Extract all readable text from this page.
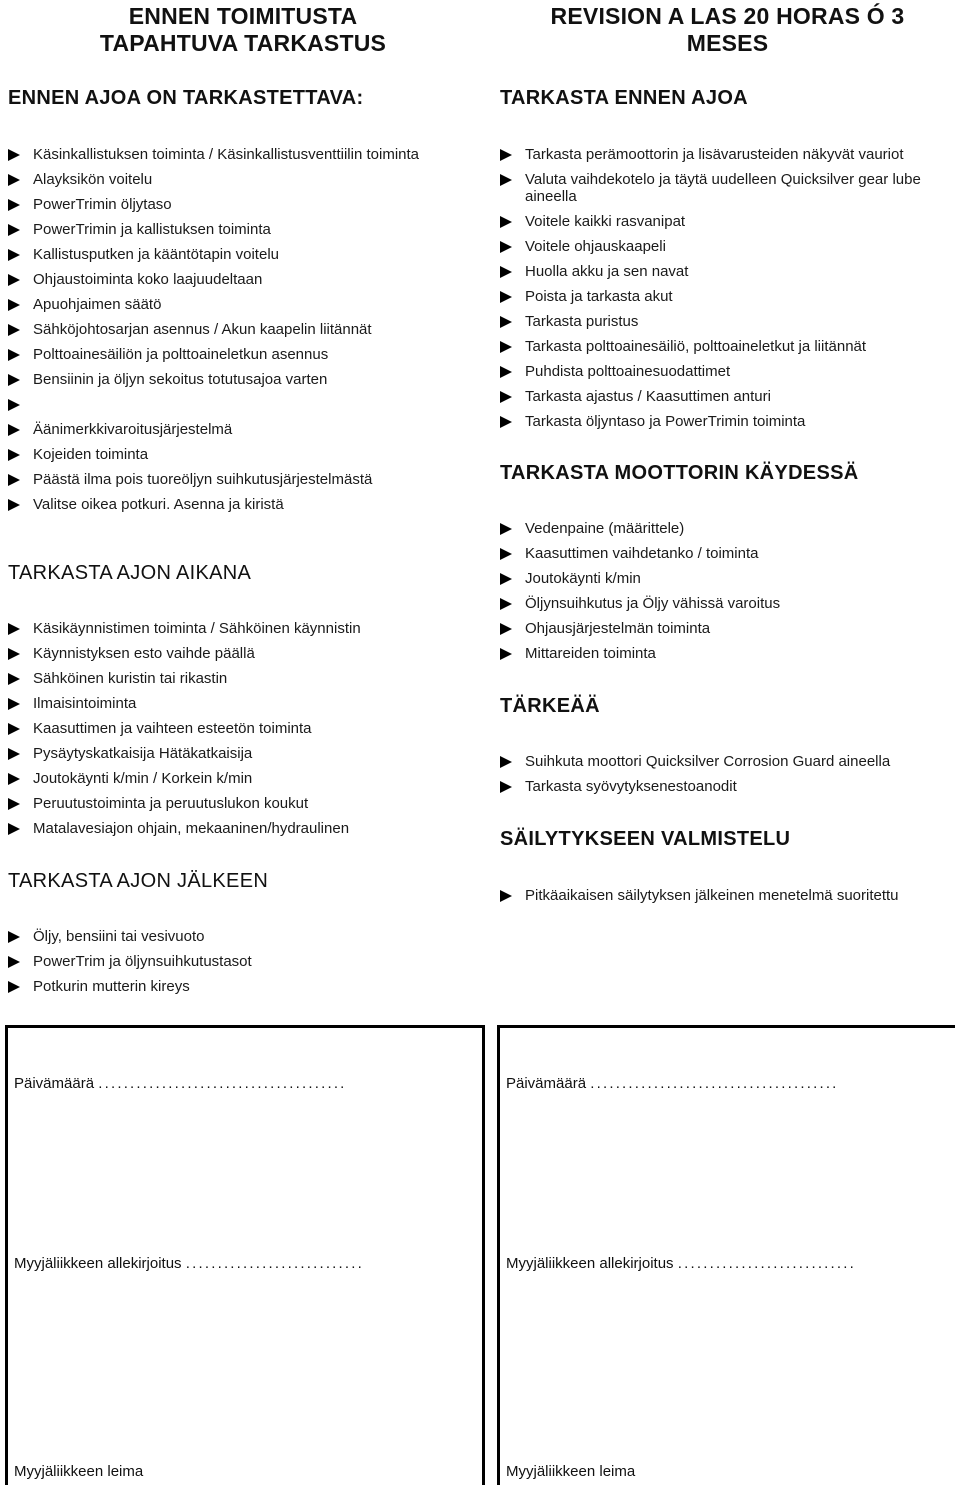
ENNEN TOIMITUSTA
TAPAHTUVA TARKASTUS
ENNEN AJOA ON TARKASTETTAVA:
Käsinkallistuksen toiminta / Käsinkallistusventtiilin toiminta
Alayksikön voitelu
PowerTrimin öljytaso
PowerTrimin ja kallistuksen toiminta
Kallistusputken ja kääntötapin voitelu
Ohjaustoiminta koko laajuudeltaan
Apuohjaimen säätö
Sähköjohtosarjan asennus / Akun kaapelin liitännät
Polttoainesäiliön ja polttoaineletkun asennus
Bensiinin ja öljyn sekoitus totutusajoa varten

Äänimerkkivaroitusjärjestelmä
Kojeiden toiminta
Päästä ilma pois tuoreöljyn suihkutusjärjestelmästä
Valitse oikea potkuri. Asenna ja kiristä
TARKASTA AJON AIKANA
Käsikäynnistimen toiminta / Sähköinen käynnistin
Käynnistyksen esto vaihde päällä
Sähköinen kuristin tai rikastin
Ilmaisintoiminta
Kaasuttimen ja vaihteen esteetön toiminta
Pysäytyskatkaisija Hätäkatkaisija
Joutokäynti k/min / Korkein k/min
Peruutustoiminta ja peruutuslukon koukut
Matalavesiajon ohjain, mekaaninen/hydraulinen
TARKASTA AJON JÄLKEEN
Öljy, bensiini tai vesivuoto
PowerTrim ja öljynsuihkutustasot
Potkurin mutterin kireys
REVISION A LAS 20 HORAS Ó 3
MESES
TARKASTA ENNEN AJOA
Tarkasta perämoottorin ja lisävarusteiden näkyvät vauriot
Valuta vaihdekotelo ja täytä uudelleen Quicksilver gear lube aineella
Voitele kaikki rasvanipat
Voitele ohjauskaapeli
Huolla akku ja sen navat
Poista ja tarkasta akut
Tarkasta puristus
Tarkasta polttoainesäiliö, polttoaineletkut ja liitännät
Puhdista polttoainesuodattimet
Tarkasta ajastus / Kaasuttimen anturi
Tarkasta öljyntaso ja PowerTrimin toiminta
TARKASTA MOOTTORIN KÄYDESSÄ
Vedenpaine (määrittele)
Kaasuttimen vaihdetanko / toiminta
Joutokäynti k/min
Öljynsuihkutus ja Öljy vähissä varoitus
Ohjausjärjestelmän toiminta
Mittareiden toiminta
TÄRKEÄÄ
Suihkuta moottori Quicksilver Corrosion Guard aineella
Tarkasta syövytyksenestoanodit
SÄILYTYKSEEN VALMISTELU
Pitkäaikaisen säilytyksen jälkeinen menetelmä suoritettu
Päivämäärä .......................................
Myyjäliikkeen allekirjoitus ............................
Myyjäliikkeen leima
Päivämäärä .......................................
Myyjäliikkeen allekirjoitus ............................
Myyjäliikkeen leima
